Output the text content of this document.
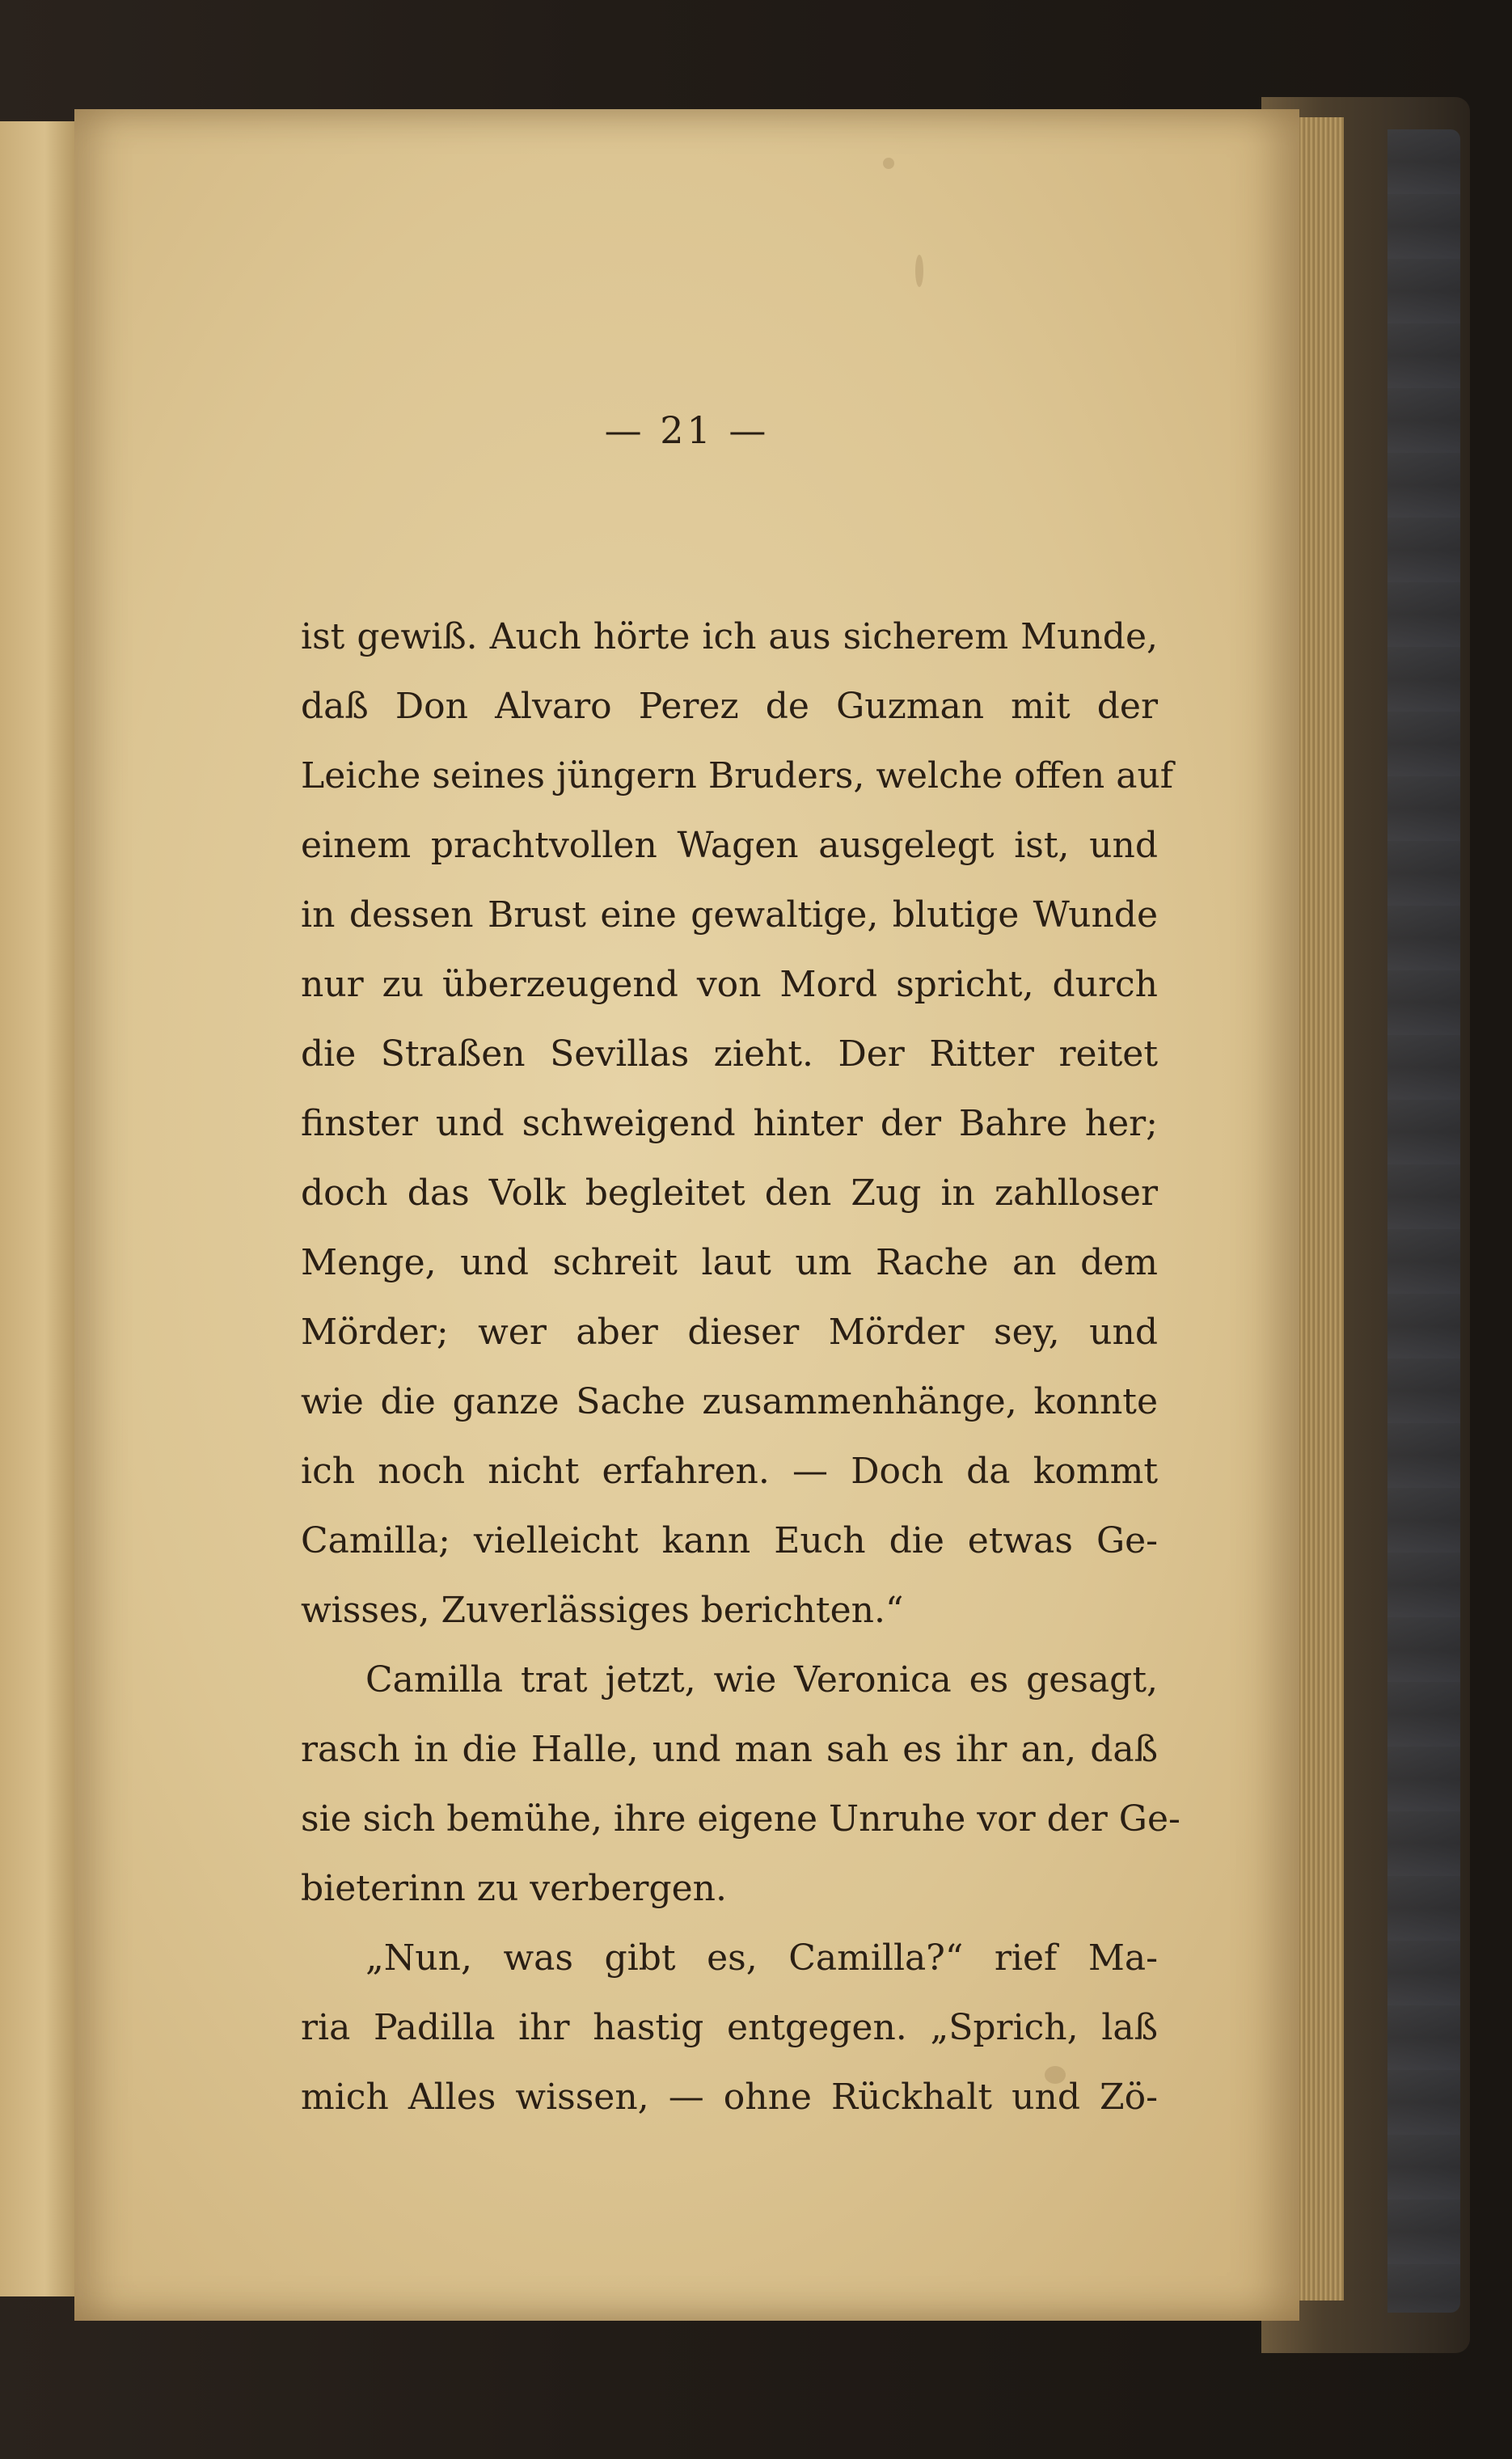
— 21 —
ist gewiß. Auch hörte ich aus sicherem Munde,
daß Don Alvaro Perez de Guzman mit der
Leiche seines jüngern Bruders, welche offen auf
einem prachtvollen Wagen ausgelegt ist, und
in dessen Brust eine gewaltige, blutige Wunde
nur zu überzeugend von Mord spricht, durch
die Straßen Sevillas zieht. Der Ritter reitet
finster und schweigend hinter der Bahre her;
doch das Volk begleitet den Zug in zahlloser
Menge, und schreit laut um Rache an dem
Mörder; wer aber dieser Mörder sey, und
wie die ganze Sache zusammenhänge, konnte
ich noch nicht erfahren. — Doch da kommt
Camilla; vielleicht kann Euch die etwas Ge-
wisses, Zuverlässiges berichten.“
Camilla trat jetzt, wie Veronica es gesagt,
rasch in die Halle, und man sah es ihr an, daß
sie sich bemühe, ihre eigene Unruhe vor der Ge-
bieterinn zu verbergen.
„Nun, was gibt es, Camilla?“ rief Ma-
ria Padilla ihr hastig entgegen. „Sprich, laß
mich Alles wissen, — ohne Rückhalt und Zö-
